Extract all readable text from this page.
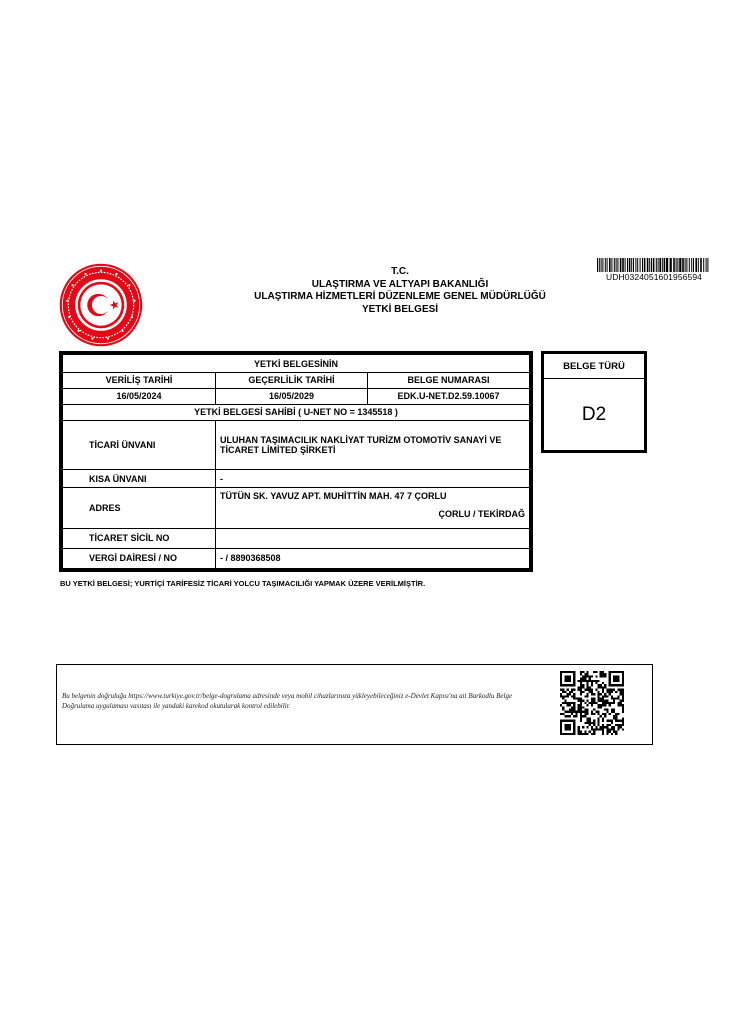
T.C.
ULAŞTIRMA VE ALTYAPI BAKANLIĞI
ULAŞTIRMA HİZMETLERİ DÜZENLEME GENEL MÜDÜRLÜĞÜ
YETKİ BELGESİ
UDH0324051601956594
YETKİ BELGESİNİN		
VERİLİŞ TARİHİ	GEÇERLİLİK TARİHİ	BELGE NUMARASI
16/05/2024	16/05/2029	EDK.U-NET.D2.59.10067
YETKİ BELGESİ SAHİBİ ( U-NET NO = 1345518 )		
TİCARİ ÜNVANI	ULUHAN TAŞIMACILIK NAKLİYAT TURİZM OTOMOTİV SANAYİ VE TİCARET LİMİTED ŞİRKETİ	
KISA ÜNVANI	-	
ADRES	TÜTÜN SK. YAVUZ APT. MUHİTTİN MAH. 47 7 ÇORLU
ÇORLU / TEKİRDAĞ	

TİCARET SİCİL NO		
VERGİ DAİRESİ / NO	- / 8890368508	
BELGE TÜRÜ
D2
BU YETKİ BELGESİ; YURTİÇİ TARİFESİZ TİCARİ YOLCU TAŞIMACILIĞI YAPMAK ÜZERE VERİLMİŞTİR.
Bu belgenin doğruluğu https://www.turkiye.gov.tr/belge-dogrulama adresinde veya mobil cihazlarınıza yükleyebileceğiniz e-Devlet Kapısı'na ait Barkodlu Belge Doğrulama uygulaması vasıtası ile yandaki karekod okutularak kontrol edilebilir.
